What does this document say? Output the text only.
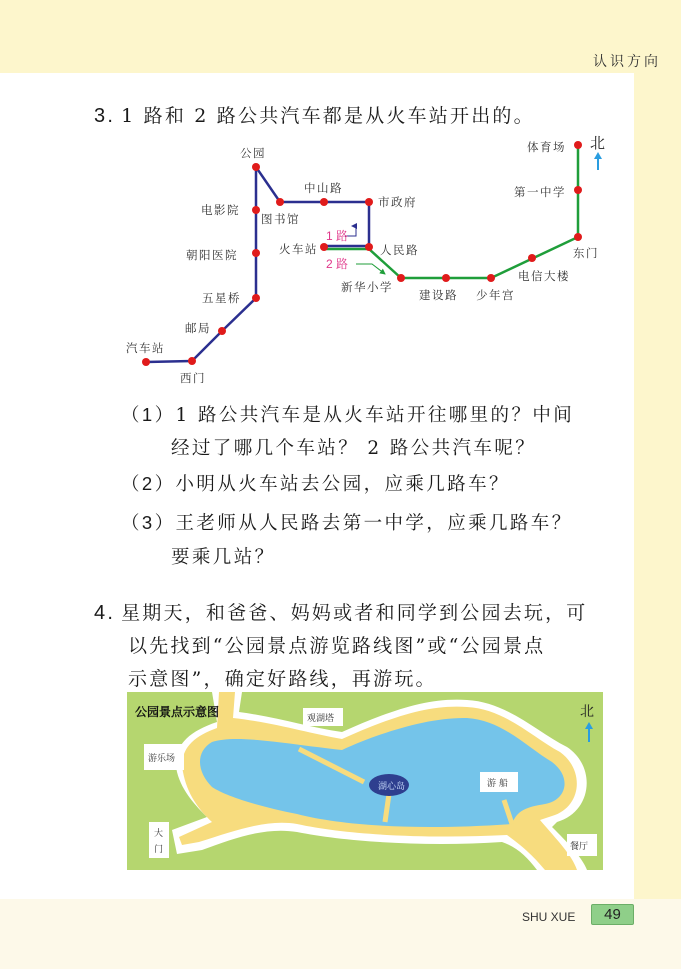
认识方向
3. 1 路和 2 路公共汽车都是从火车站开出的。
1 路
2 路
公园
电影院
朝阳医院
五星桥
邮局
西门
汽车站
图书馆
中山路
市政府
火车站	人民路
新华小学
建设路 少年宫
电信大楼
东门
第一中学
体育场 北
（1）1 路公共汽车是从火车站开往哪里的？中间
经过了哪几个车站？ 2 路公共汽车呢？
（2）小明从火车站去公园，应乘几路车？
（3）王老师从人民路去第一中学，应乘几路车？
要乘几站？
4. 星期天，和爸爸、妈妈或者和同学到公园去玩，可
以先找到“公园景点游览路线图”或“公园景点
示意图”，确定好路线，再游玩。
湖心岛
公园景点示意图	观湖塔
游乐场
游 船
大
门	餐厅
北
SHU XUE	49
